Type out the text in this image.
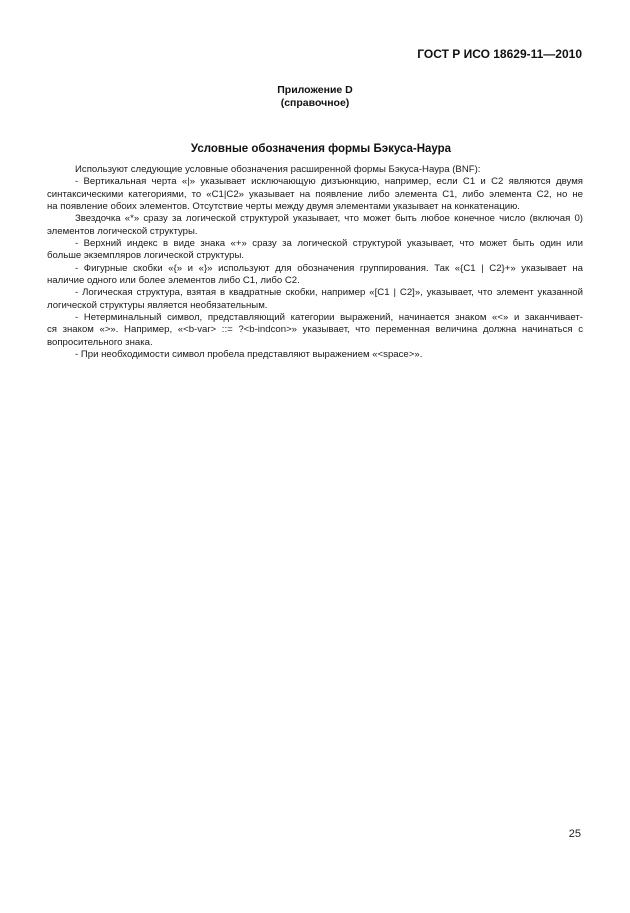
ГОСТ Р ИСО 18629-11—2010
Приложение D
(справочное)
Условные обозначения формы Бэкуса-Наура
Используют следующие условные обозначения расширенной формы Бэкуса-Наура (BNF):
- Вертикальная черта «|» указывает исключающую дизъюнкцию, например, если С1 и С2 являются двумя
синтаксическими категориями, то «С1|С2» указывает на появление либо элемента С1, либо элемента С2, но не
на появление обоих элементов. Отсутствие черты между двумя элементами указывает на конкатенацию.
Звездочка «*» сразу за логической структурой указывает, что может быть любое конечное число (включая 0)
элементов логической структуры.
- Верхний индекс в виде знака «+» сразу за логической структурой указывает, что может быть один или
больше экземпляров логической структуры.
- Фигурные скобки «{» и «}» используют для обозначения группирования. Так «{С1 | С2}+» указывает на
наличие одного или более элементов либо С1, либо С2.
- Логическая структура, взятая в квадратные скобки, например «[С1 | С2]», указывает, что элемент указанной
логической структуры является необязательным.
- Нетерминальный символ, представляющий категории выражений, начинается знаком «<» и заканчивает-
ся знаком «>». Например, «<b-var> ::= ?<b-indcon>» указывает, что переменная величина должна начинаться с
вопросительного знака.
- При необходимости символ пробела представляют выражением «<space>».
25
